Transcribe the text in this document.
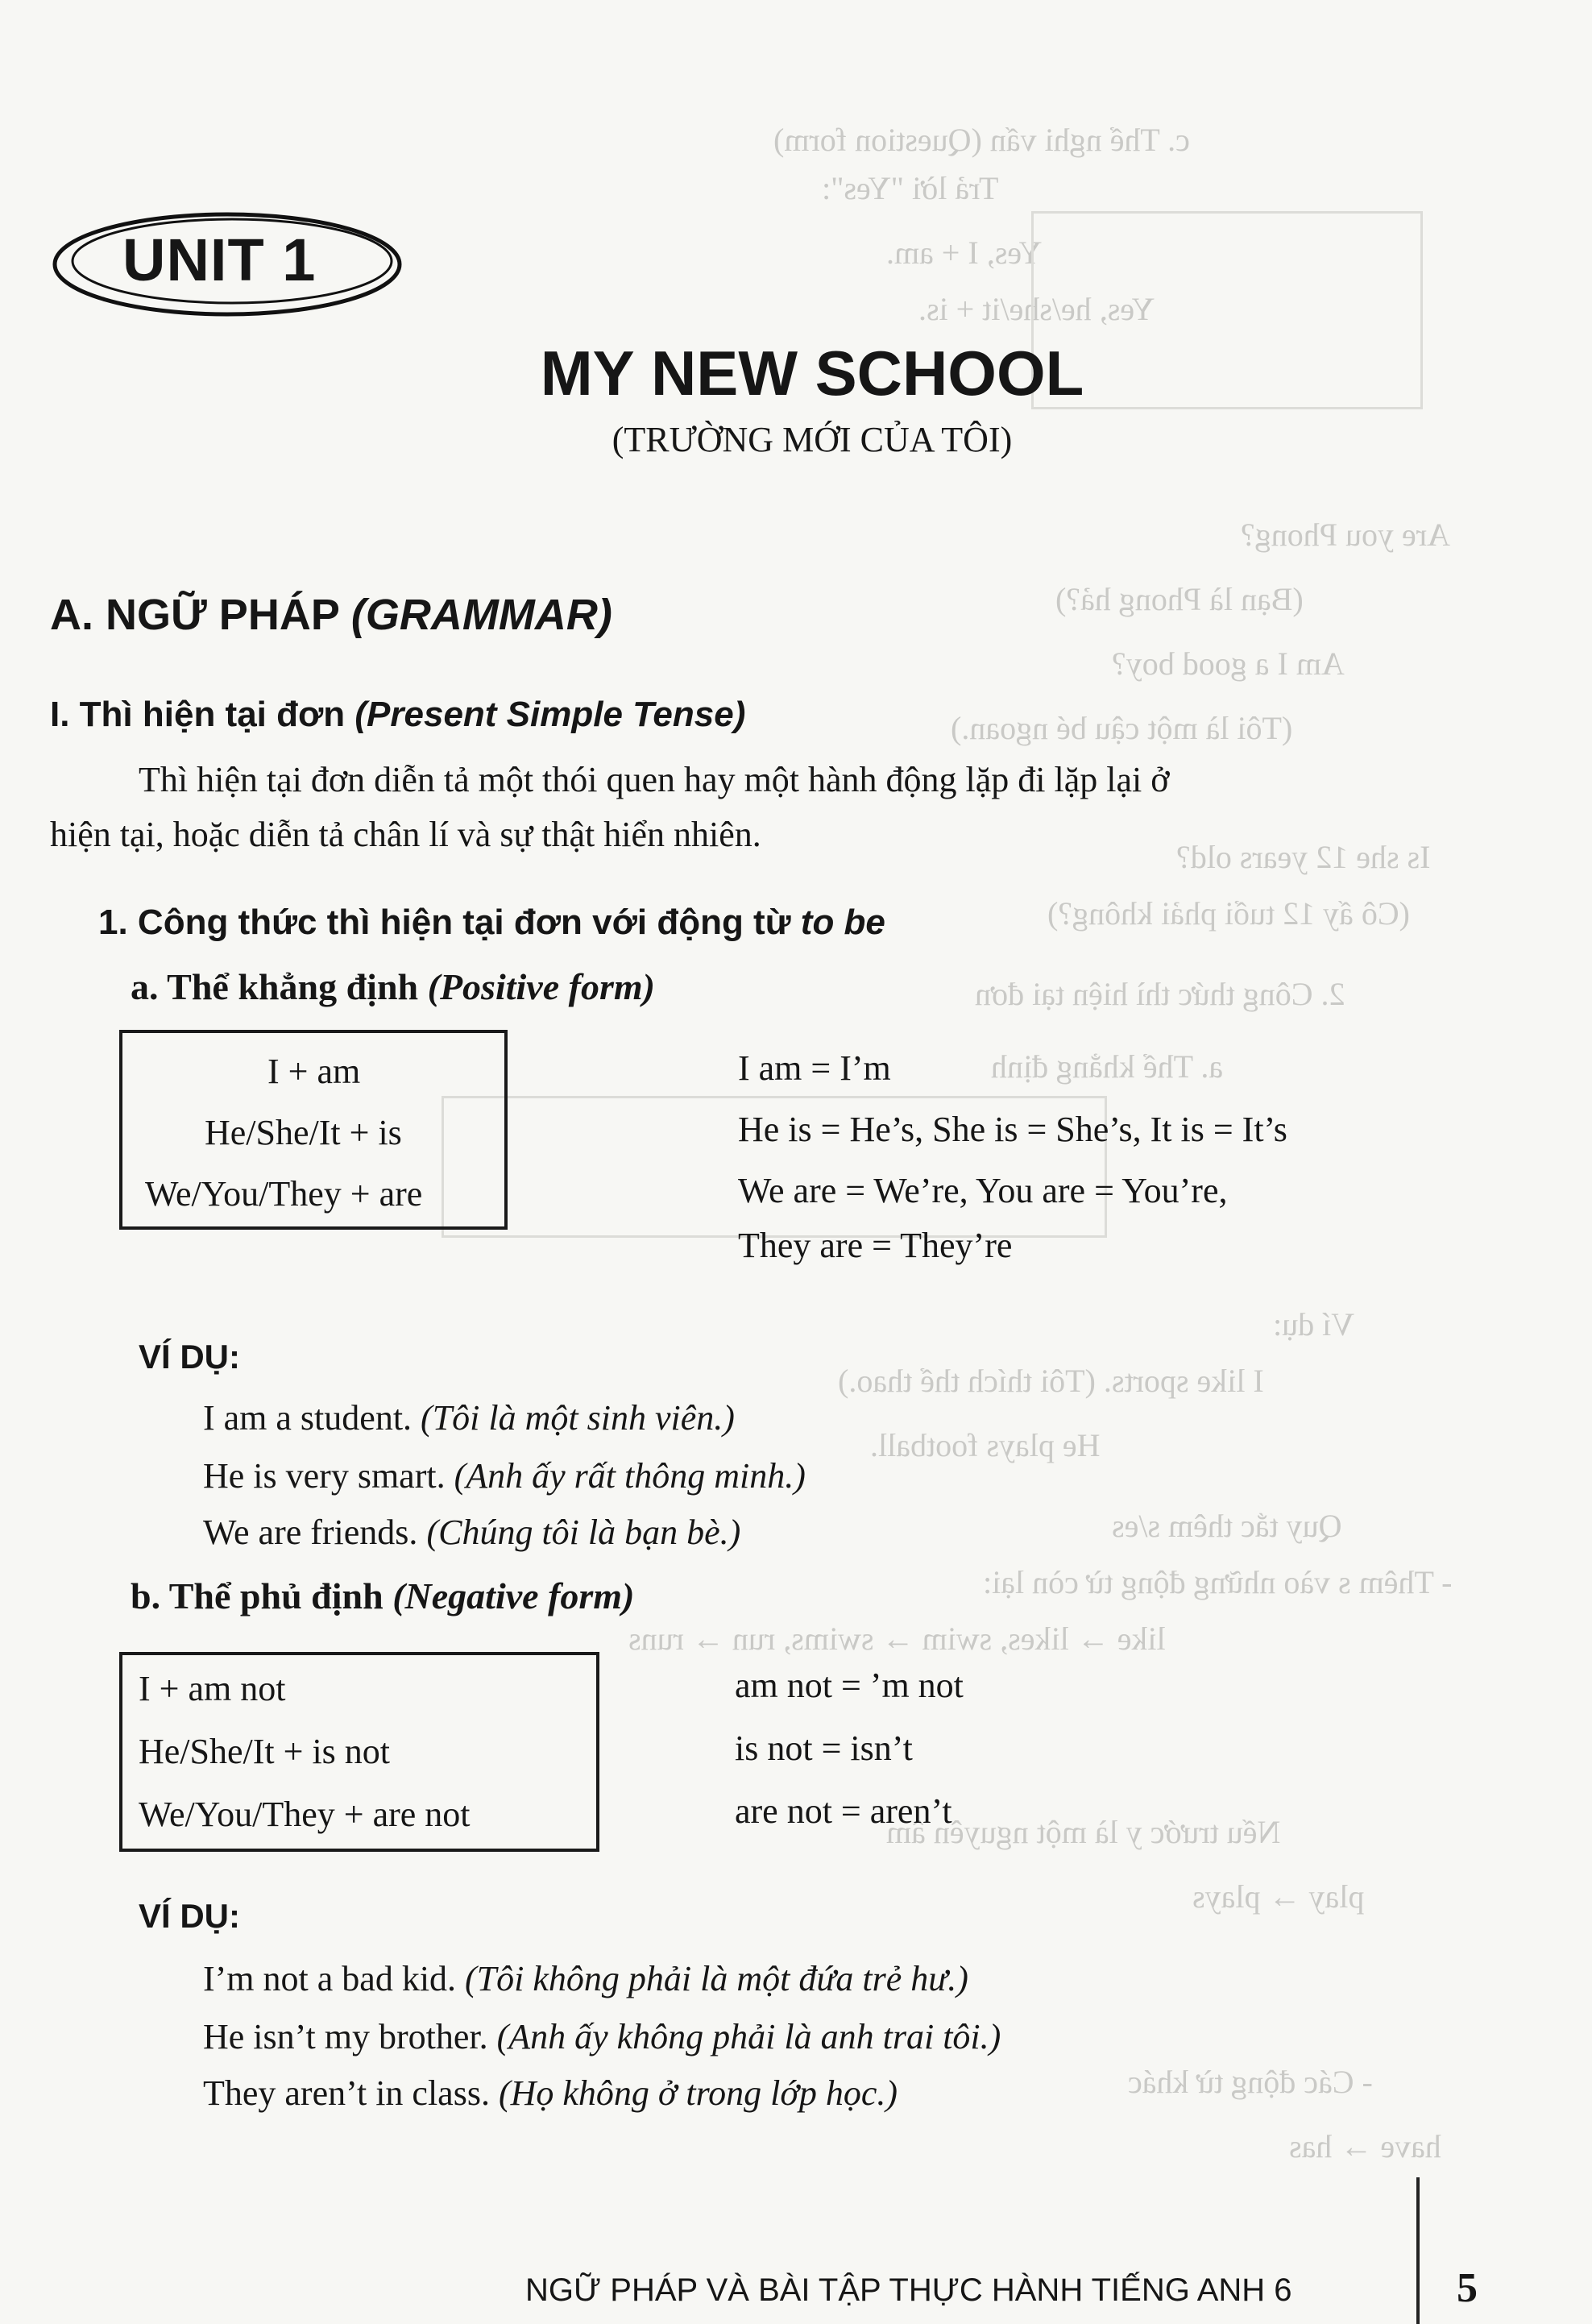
c. Thể nghi vấn (Question form)
Trả lời "Yes":
Yes, I + am.
Yes, he/she/it + is.
Are you Phong?
(Bạn là Phong hả?)
Am I a good boy?
(Tôi là một cậu bé ngoan.)
Is she 12 years old?
(Cô ấy 12 tuổi phải không?)
2. Công thức thì hiện tại đơn
a. Thể khẳng định
Ví dụ:
I like sports. (Tôi thích thể thao.)
He plays football.
Quy tắc thêm s/es
- Thêm s vào những động từ còn lại:
like → likes, swim → swims, run → runs
Nếu trước y là một nguyên âm
play → plays
- Các động từ khác
have → has
UNIT 1
MY NEW SCHOOL
(TRƯỜNG MỚI CỦA TÔI)
A. NGỮ PHÁP (GRAMMAR)
I. Thì hiện tại đơn (Present Simple Tense)
Thì hiện tại đơn diễn tả một thói quen hay một hành động lặp đi lặp lại ở
hiện tại, hoặc diễn tả chân lí và sự thật hiển nhiên.
1. Công thức thì hiện tại đơn với động từ to be
a. Thể khẳng định (Positive form)
I + am
He/She/It + is
We/You/They + are
I am = I’m
He is = He’s, She is = She’s, It is = It’s
We are = We’re, You are = You’re,
They are = They’re
VÍ DỤ:
I am a student. (Tôi là một sinh viên.)
He is very smart. (Anh ấy rất thông minh.)
We are friends. (Chúng tôi là bạn bè.)
b. Thể phủ định (Negative form)
I + am not
He/She/It + is not
We/You/They + are not
am not = ’m not
is not = isn’t
are not = aren’t
VÍ DỤ:
I’m not a bad kid. (Tôi không phải là một đứa trẻ hư.)
He isn’t my brother. (Anh ấy không phải là anh trai tôi.)
They aren’t in class. (Họ không ở trong lớp học.)
NGỮ PHÁP VÀ BÀI TẬP THỰC HÀNH TIẾNG ANH 6	5
